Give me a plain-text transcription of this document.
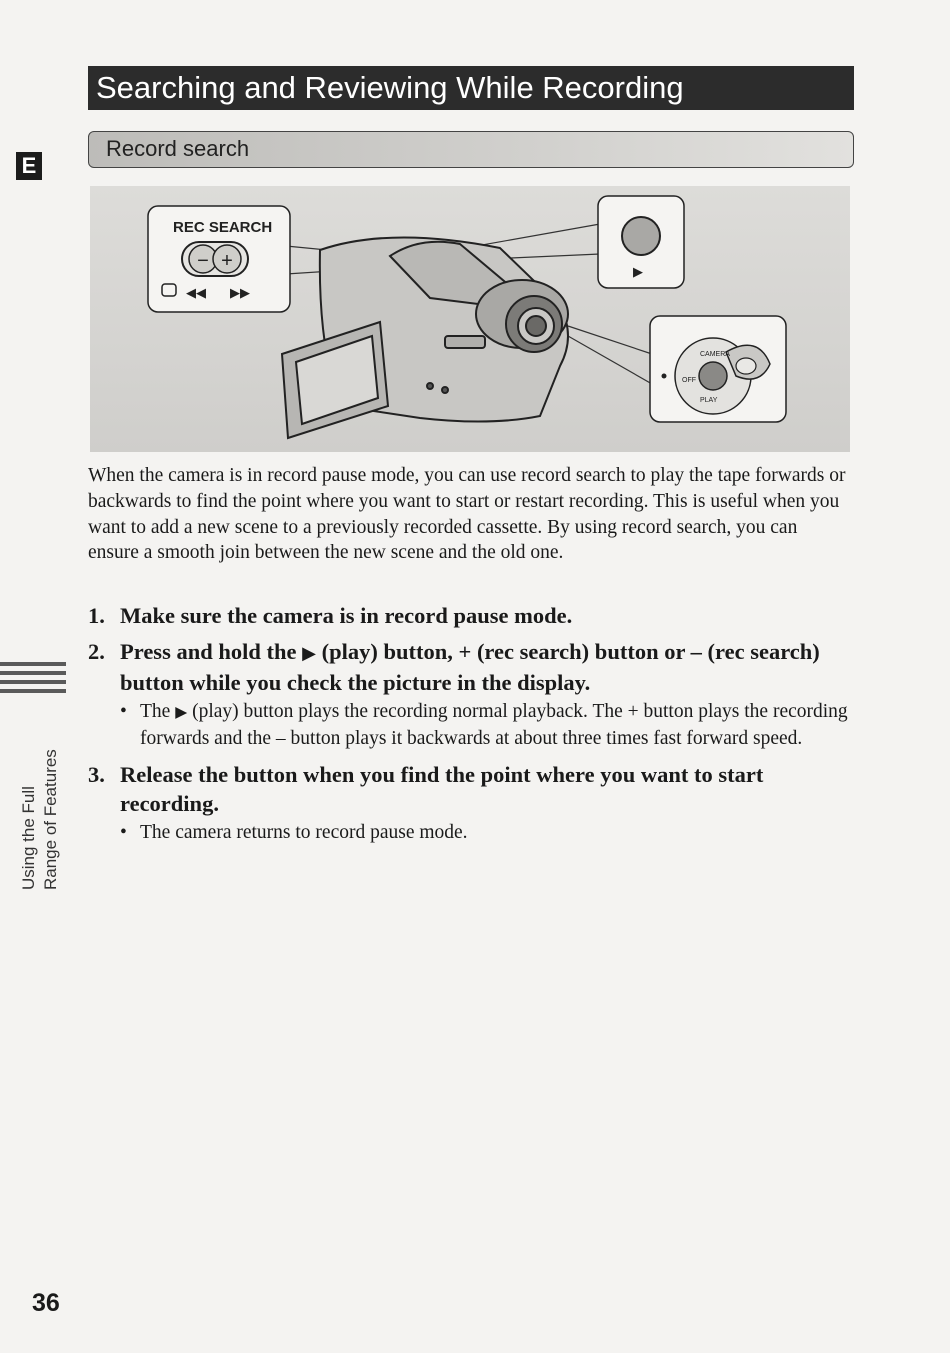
Searching and Reviewing While Recording
Record search
E
Using the Full Range of Features
REC SEARCH
− +
◀◀ ▶▶
▶
CAMERA
OFF
PLAY

When the camera is in record pause mode, you can use record search to play the tape forwards or backwards to find the point where you want to start or restart recording. This is useful when you want to add a new scene to a previously recorded cassette. By using record search, you can ensure a smooth join between the new scene and the old one.

1. Make sure the camera is in record pause mode.
2. Press and hold the ▶ (play) button, + (rec search) button or – (rec search) button while you check the picture in the display.
• The ▶ (play) button plays the recording normal playback. The + button plays the recording forwards and the – button plays it backwards at about three times fast forward speed.
3. Release the button when you find the point where you want to start recording.
• The camera returns to record pause mode.
36
